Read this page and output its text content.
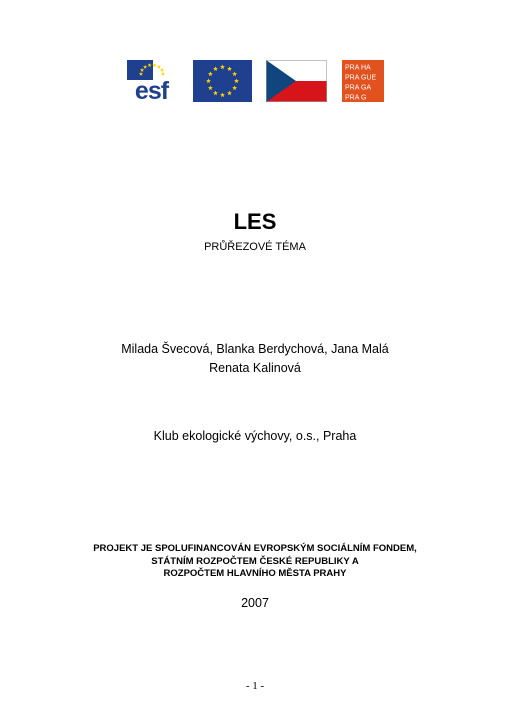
esf
PRA HA
PRA GUE
PRA GA
PRA G
LES
PRŮŘEZOVÉ TÉMA
Milada Švecová, Blanka Berdychová, Jana Malá
Renata Kalinová
Klub ekologické výchovy, o.s., Praha
PROJEKT JE SPOLUFINANCOVÁN EVROPSKÝM SOCIÁLNÍM FONDEM,
STÁTNÍM ROZPOČTEM ČESKÉ REPUBLIKY A
ROZPOČTEM HLAVNÍHO MĚSTA PRAHY
2007
- 1 -
